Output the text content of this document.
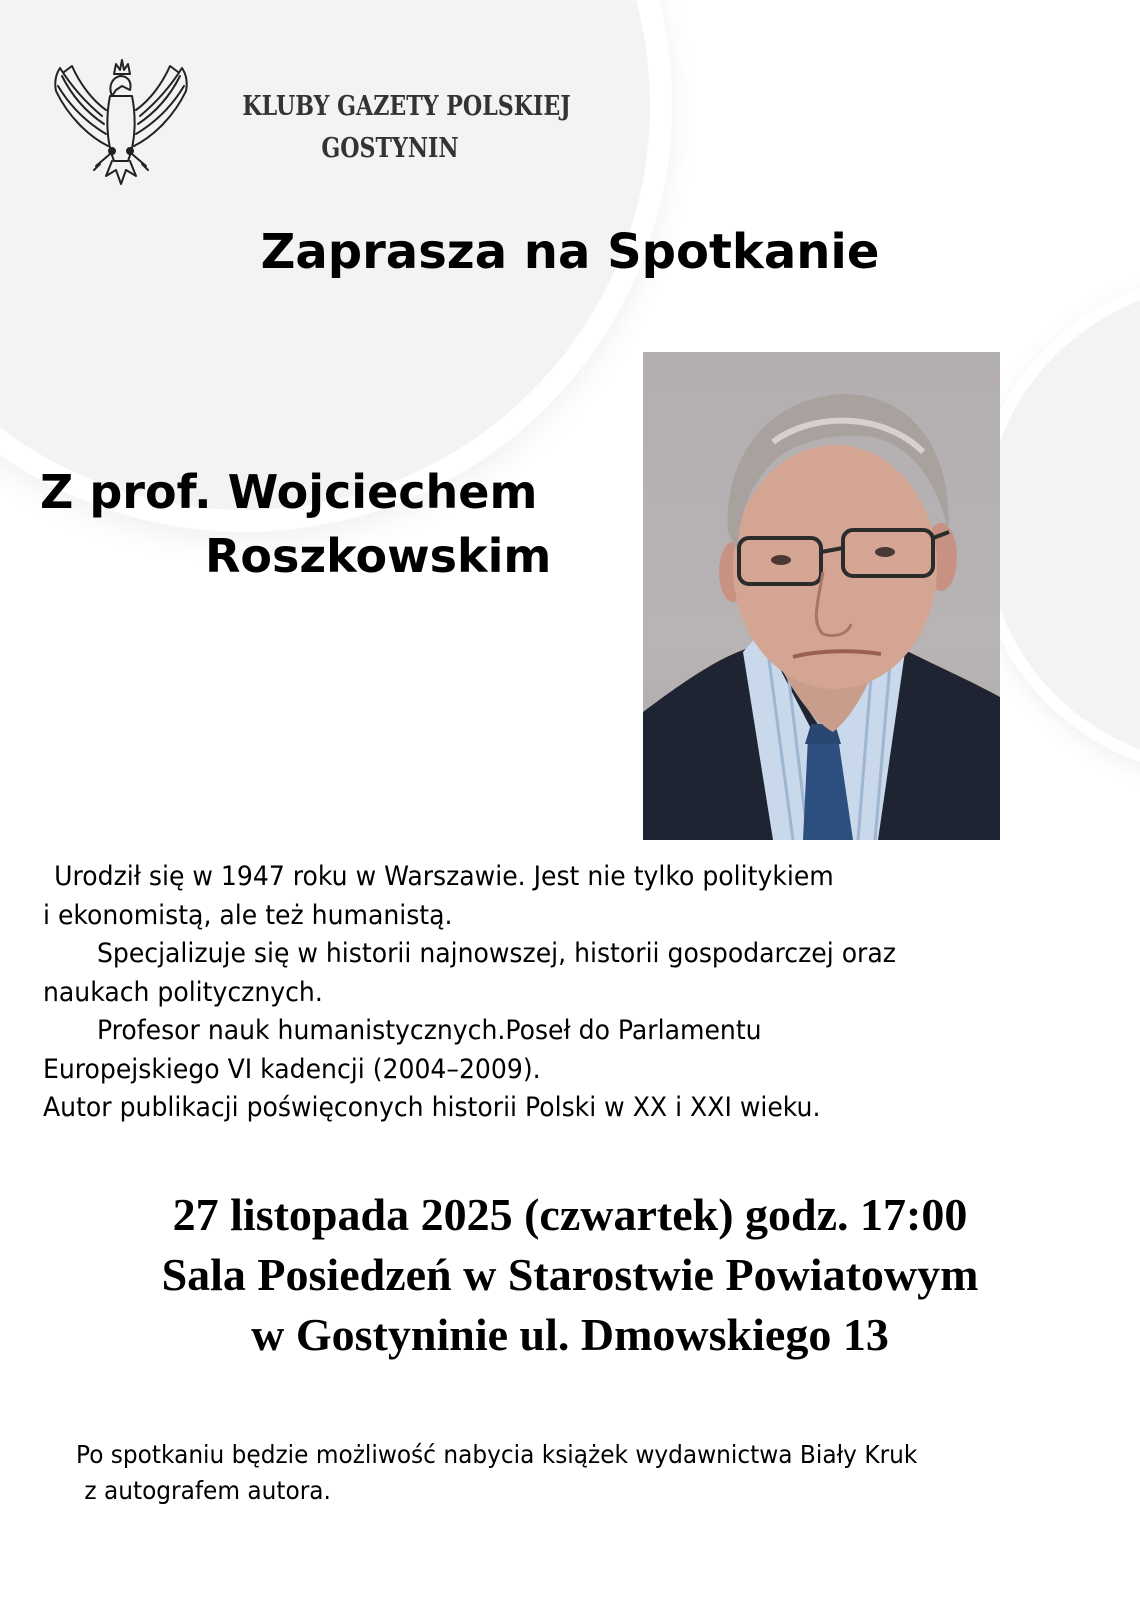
KLUBY GAZETY POLSKIEJ
GOSTYNIN
Zaprasza na Spotkanie
Z prof. Wojciechem
Roszkowskim

Urodził się w 1947 roku w Warszawie. Jest nie tylko politykiem

i ekonomistą, ale też humanistą.

Specjalizuje się w historii najnowszej, historii gospodarczej oraz

naukach politycznych.

Profesor nauk humanistycznych.Poseł do Parlamentu

Europejskiego VI kadencji (2004–2009).

Autor publikacji poświęconych historii Polski w XX i XXI wieku.

27 listopada 2025 (czwartek) godz. 17:00

Sala Posiedzeń w Starostwie Powiatowym

w Gostyninie ul. Dmowskiego 13

Po spotkaniu będzie możliwość nabycia książek wydawnictwa Biały Kruk

z autografem autora.
